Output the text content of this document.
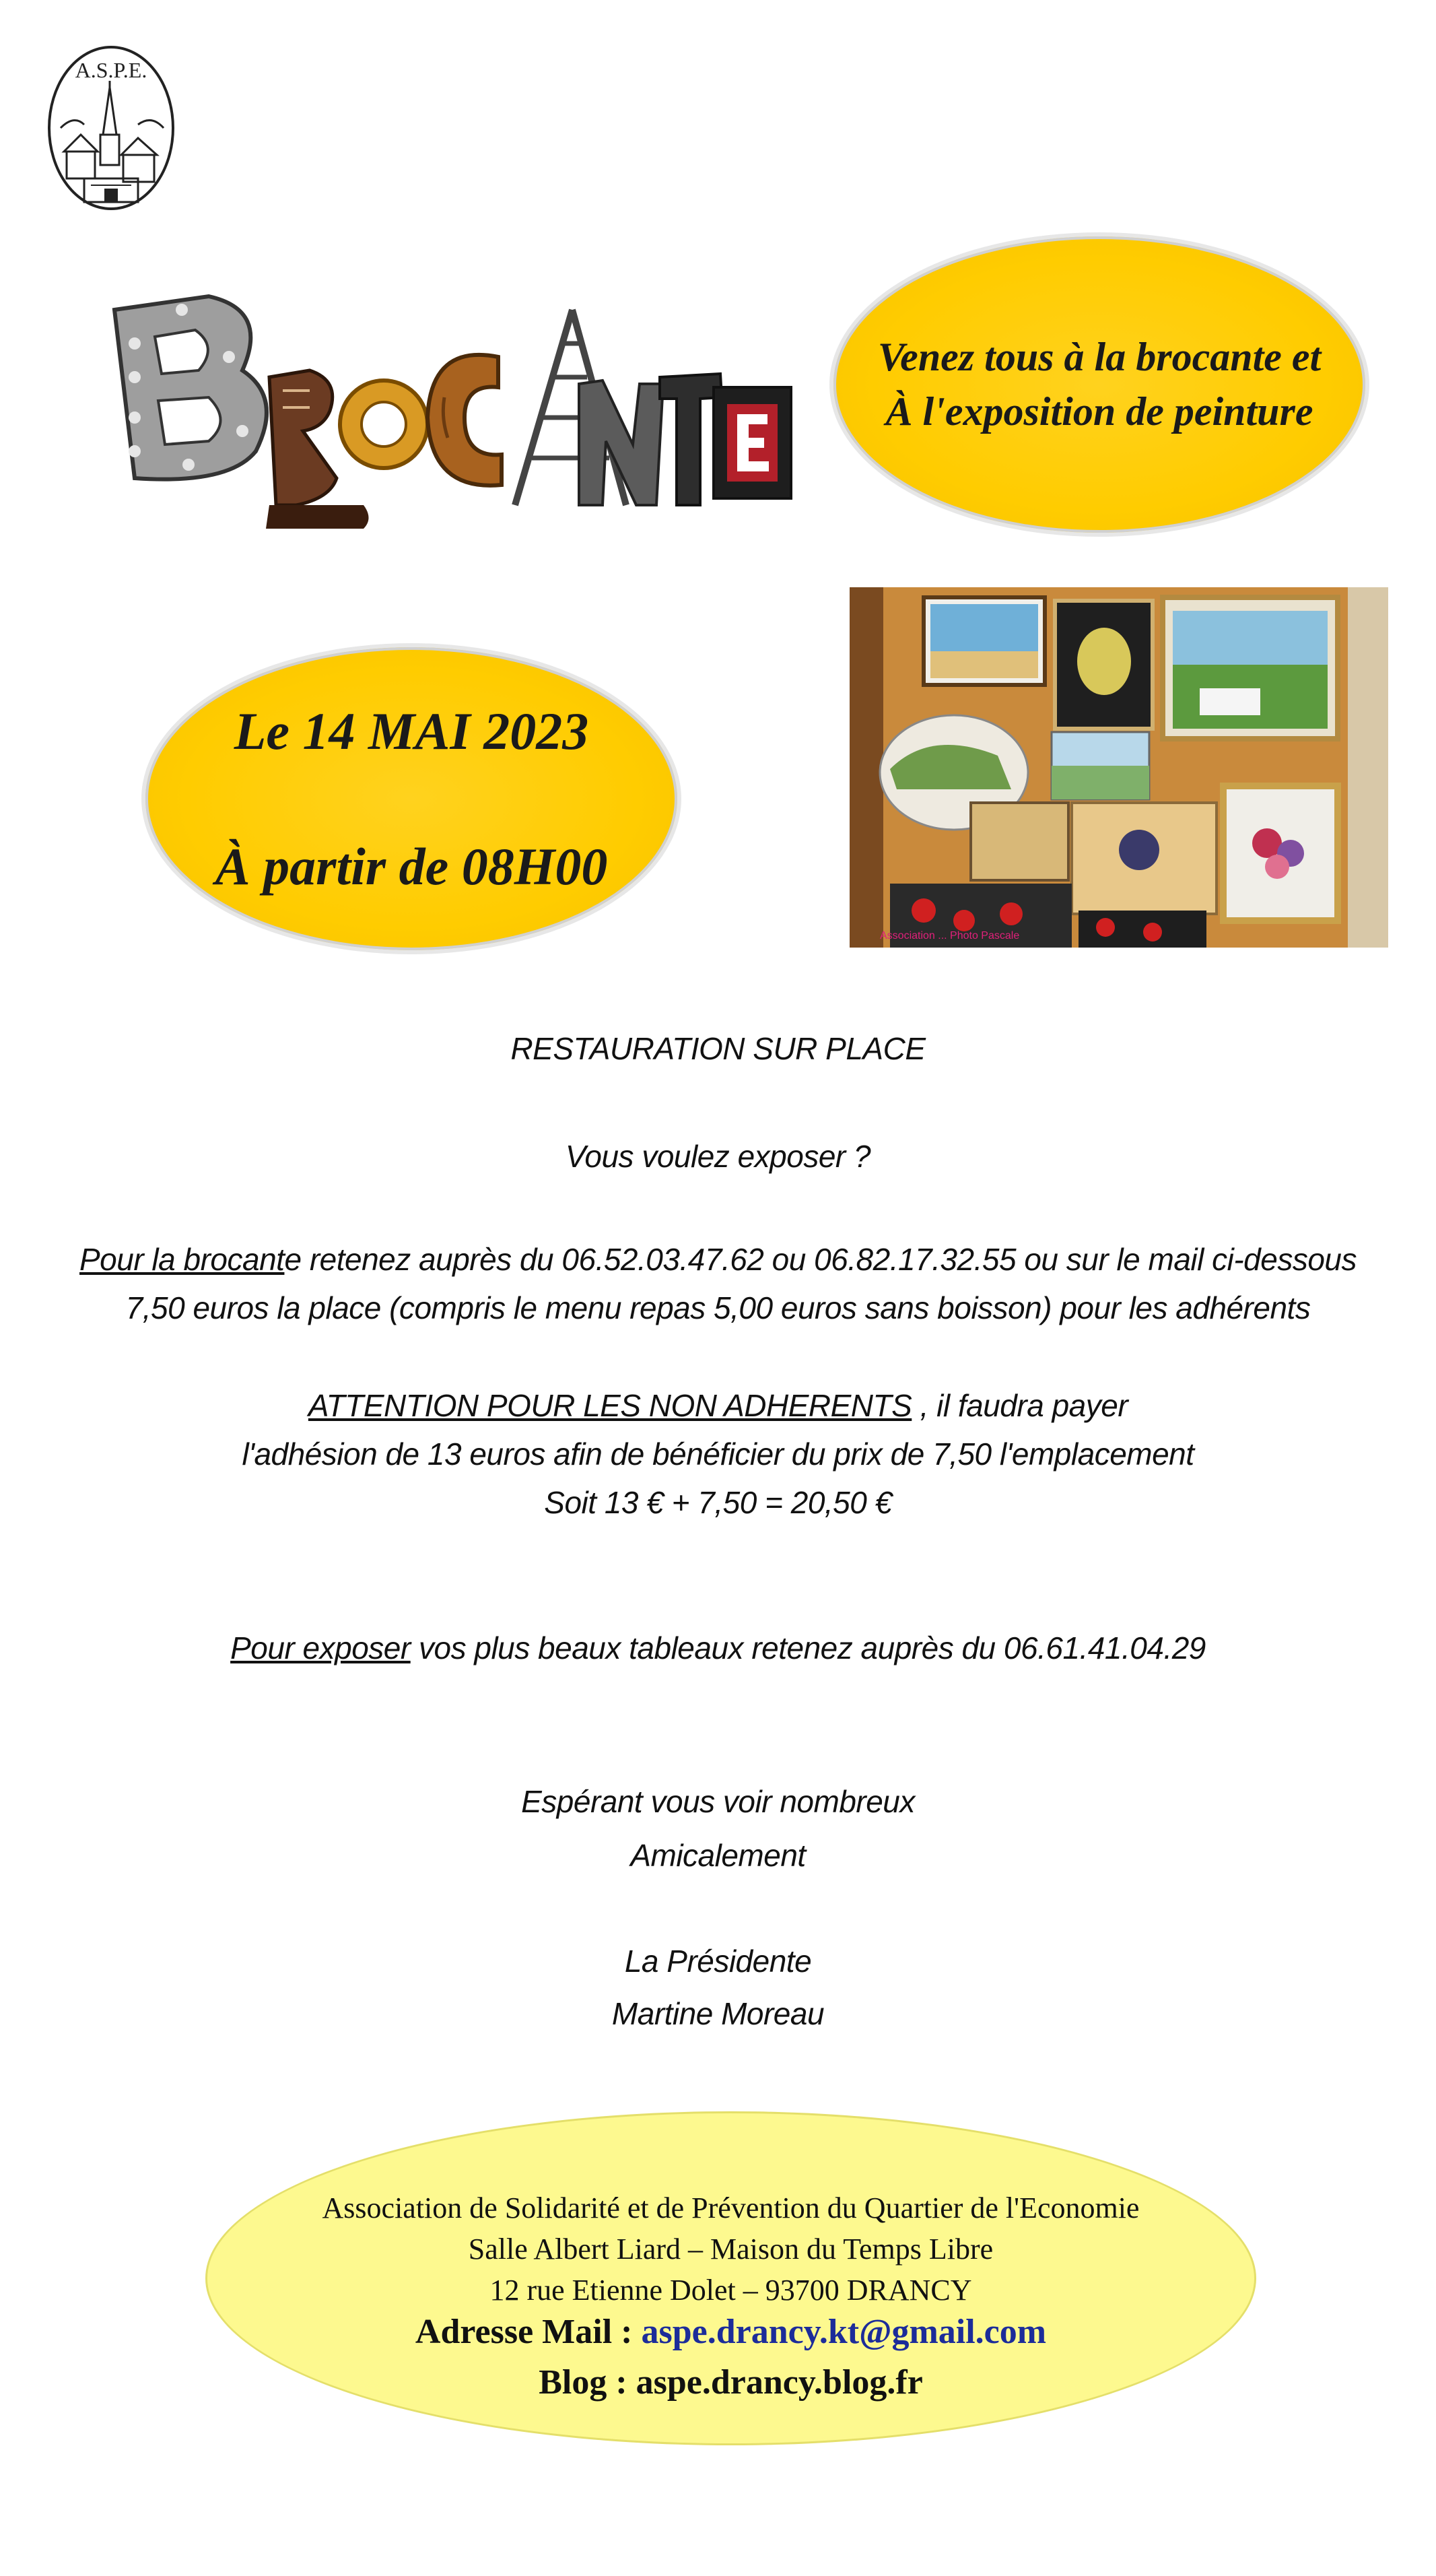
A.S.P.E.
Venez tous à la brocante et
À l'exposition de peinture
Association ... Photo Pascale
Le 14 MAI 2023
À partir de 08H00
RESTAURATION SUR PLACE
Vous voulez exposer ?
Pour la brocante retenez auprès du 06.52.03.47.62 ou 06.82.17.32.55 ou sur le mail ci-dessous
7,50 euros la place (compris le menu repas 5,00 euros sans boisson) pour les adhérents
ATTENTION POUR LES NON ADHERENTS , il faudra payer
l'adhésion de 13 euros afin de bénéficier du prix de 7,50 l'emplacement
Soit 13 € + 7,50 = 20,50 €
Pour exposer vos plus beaux tableaux retenez auprès du 06.61.41.04.29
Espérant vous voir nombreux
Amicalement
La Présidente
Martine Moreau
Association de Solidarité et de Prévention du Quartier de l'Economie
Salle Albert Liard – Maison du Temps Libre
12 rue Etienne Dolet – 93700 DRANCY
Adresse Mail : aspe.drancy.kt@gmail.com
Blog : aspe.drancy.blog.fr
